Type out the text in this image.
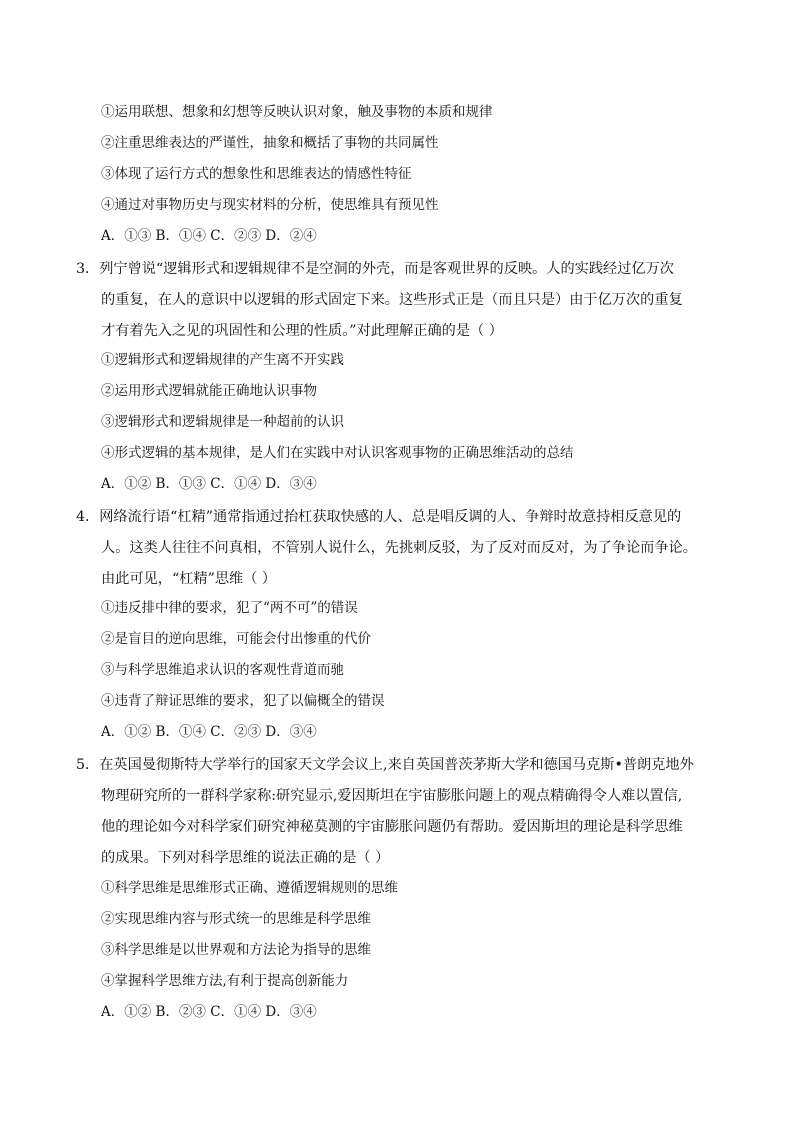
①运用联想、想象和幻想等反映认识对象，触及事物的本质和规律
②注重思维表达的严谨性，抽象和概括了事物的共同属性
③体现了运行方式的想象性和思维表达的情感性特征
④通过对事物历史与现实材料的分析，使思维具有预见性
A．①③ B．①④ C．②③ D．②④
3．列宁曾说“逻辑形式和逻辑规律不是空洞的外壳，而是客观世界的反映。人的实践经过亿万次
的重复，在人的意识中以逻辑的形式固定下来。这些形式正是（而且只是）由于亿万次的重复
才有着先入之见的巩固性和公理的性质。”对此理解正确的是（ ）
①逻辑形式和逻辑规律的产生离不开实践
②运用形式逻辑就能正确地认识事物
③逻辑形式和逻辑规律是一种超前的认识
④形式逻辑的基本规律，是人们在实践中对认识客观事物的正确思维活动的总结
A．①② B．①③ C．①④ D．③④
4．网络流行语“杠精”通常指通过抬杠获取快感的人、总是唱反调的人、争辩时故意持相反意见的
人。这类人往往不问真相，不管别人说什么，先挑刺反驳，为了反对而反对，为了争论而争论。
由此可见，“杠精”思维（ ）
①违反排中律的要求，犯了“两不可”的错误
②是盲目的逆向思维，可能会付出惨重的代价
③与科学思维追求认识的客观性背道而驰
④违背了辩证思维的要求，犯了以偏概全的错误
A．①② B．①④ C．②③ D．③④
5．在英国曼彻斯特大学举行的国家天文学会议上,来自英国普茨茅斯大学和德国马克斯•普朗克地外
物理研究所的一群科学家称:研究显示,爱因斯坦在宇宙膨胀问题上的观点精确得令人难以置信,
他的理论如今对科学家们研究神秘莫测的宇宙膨胀问题仍有帮助。爱因斯坦的理论是科学思维
的成果。下列对科学思维的说法正确的是（ ）
①科学思维是思维形式正确、遵循逻辑规则的思维
②实现思维内容与形式统一的思维是科学思维
③科学思维是以世界观和方法论为指导的思维
④掌握科学思维方法,有利于提高创新能力
A．①② B．②③ C．①④ D．③④
